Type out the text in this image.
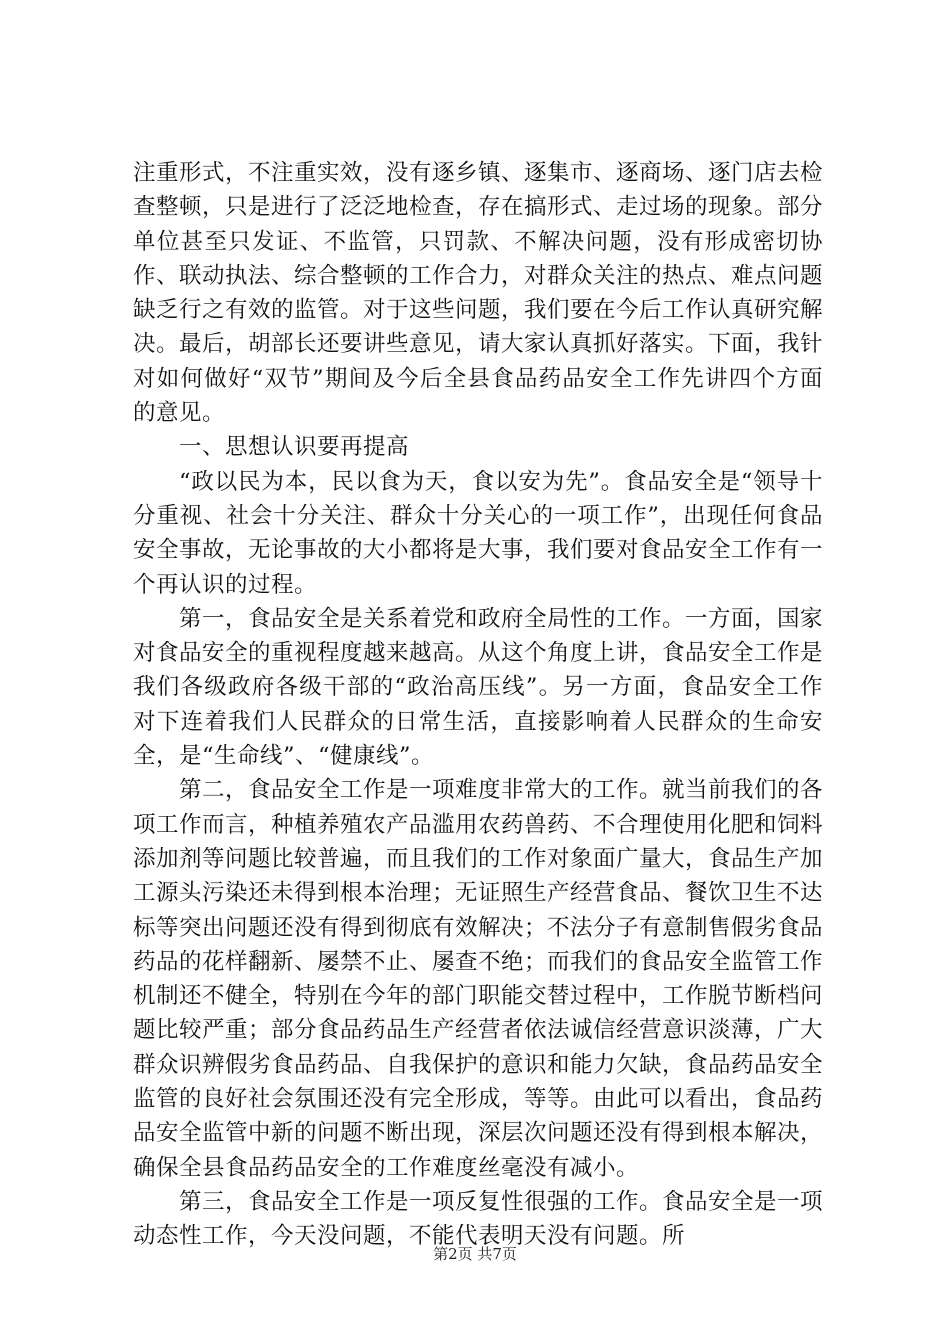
注重形式，不注重实效，没有逐乡镇、逐集市、逐商场、逐门店去检查整顿，只是进行了泛泛地检查，存在搞形式、走过场的现象。部分单位甚至只发证、不监管，只罚款、不解决问题，没有形成密切协作、联动执法、综合整顿的工作合力，对群众关注的热点、难点问题缺乏行之有效的监管。对于这些问题，我们要在今后工作认真研究解决。最后，胡部长还要讲些意见，请大家认真抓好落实。下面，我针对如何做好“双节”期间及今后全县食品药品安全工作先讲四个方面的意见。

一、思想认识要再提高

“政以民为本，民以食为天，食以安为先”。食品安全是“领导十分重视、社会十分关注、群众十分关心的一项工作”，出现任何食品安全事故，无论事故的大小都将是大事，我们要对食品安全工作有一个再认识的过程。

第一，食品安全是关系着党和政府全局性的工作。一方面，国家对食品安全的重视程度越来越高。从这个角度上讲，食品安全工作是我们各级政府各级干部的“政治高压线”。另一方面，食品安全工作对下连着我们人民群众的日常生活，直接影响着人民群众的生命安全，是“生命线”、“健康线”。

第二，食品安全工作是一项难度非常大的工作。就当前我们的各项工作而言，种植养殖农产品滥用农药兽药、不合理使用化肥和饲料添加剂等问题比较普遍，而且我们的工作对象面广量大，食品生产加工源头污染还未得到根本治理；无证照生产经营食品、餐饮卫生不达标等突出问题还没有得到彻底有效解决；不法分子有意制售假劣食品药品的花样翻新、屡禁不止、屡查不绝；而我们的食品安全监管工作机制还不健全，特别在今年的部门职能交替过程中，工作脱节断档问题比较严重；部分食品药品生产经营者依法诚信经营意识淡薄，广大群众识辨假劣食品药品、自我保护的意识和能力欠缺，食品药品安全监管的良好社会氛围还没有完全形成，等等。由此可以看出，食品药品安全监管中新的问题不断出现，深层次问题还没有得到根本解决，确保全县食品药品安全的工作难度丝毫没有减小。

第三，食品安全工作是一项反复性很强的工作。食品安全是一项动态性工作，今天没问题，不能代表明天没有问题。所

第2页 共7页
